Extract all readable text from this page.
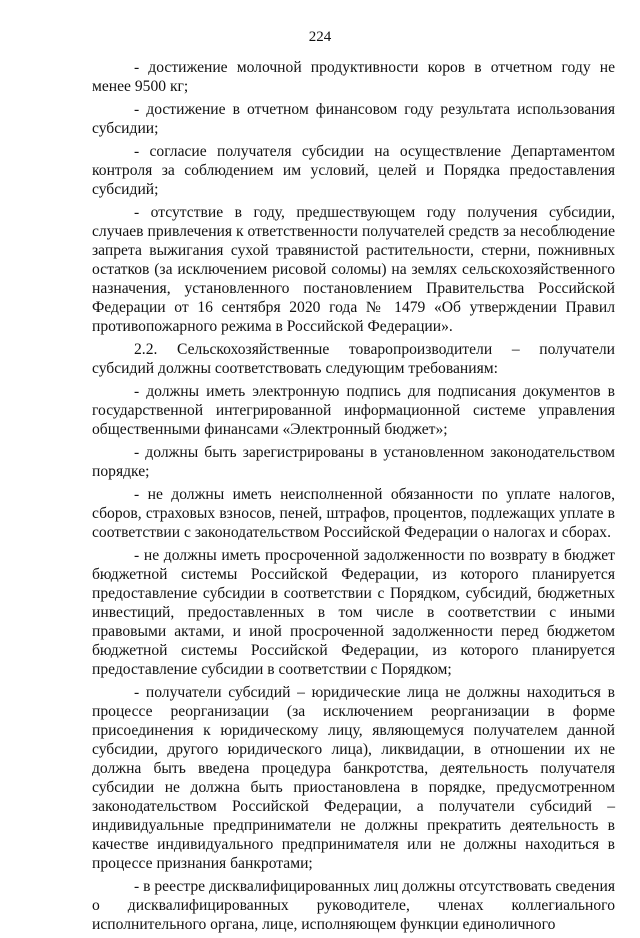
224

- достижение молочной продуктивности коров в отчетном году не менее 9500 кг;

- достижение в отчетном финансовом году результата использования субсидии;

- согласие получателя субсидии на осуществление Департаментом контроля за соблюдением им условий, целей и Порядка предоставления субсидий;

- отсутствие в году, предшествующем году получения субсидии, случаев привлечения к ответственности получателей средств за несоблюдение запрета выжигания сухой травянистой растительности, стерни, пожнивных остатков (за исключением рисовой соломы) на землях сельскохозяйственного назначения, установленного постановлением Правительства Российской Федерации от 16 сентября 2020 года № 1479 «Об утверждении Правил противопожарного режима в Российской Федерации».

2.2. Сельскохозяйственные товаропроизводители – получатели субсидий должны соответствовать следующим требованиям:

- должны иметь электронную подпись для подписания документов в государственной интегрированной информационной системе управления общественными финансами «Электронный бюджет»;

- должны быть зарегистрированы в установленном законодательством порядке;

- не должны иметь неисполненной обязанности по уплате налогов, сборов, страховых взносов, пеней, штрафов, процентов, подлежащих уплате в соответствии с законодательством Российской Федерации о налогах и сборах.

- не должны иметь просроченной задолженности по возврату в бюджет бюджетной системы Российской Федерации, из которого планируется предоставление субсидии в соответствии с Порядком, субсидий, бюджетных инвестиций, предоставленных в том числе в соответствии с иными правовыми актами, и иной просроченной задолженности перед бюджетом бюджетной системы Российской Федерации, из которого планируется предоставление субсидии в соответствии с Порядком;

- получатели субсидий – юридические лица не должны находиться в процессе реорганизации (за исключением реорганизации в форме присоединения к юридическому лицу, являющемуся получателем данной субсидии, другого юридического лица), ликвидации, в отношении их не должна быть введена процедура банкротства, деятельность получателя субсидии не должна быть приостановлена в порядке, предусмотренном законодательством Российской Федерации, а получатели субсидий – индивидуальные предприниматели не должны прекратить деятельность в качестве индивидуального предпринимателя или не должны находиться в процессе признания банкротами;

- в реестре дисквалифицированных лиц должны отсутствовать сведения о дисквалифицированных руководителе, членах коллегиального исполнительного органа, лице, исполняющем функции единоличного
